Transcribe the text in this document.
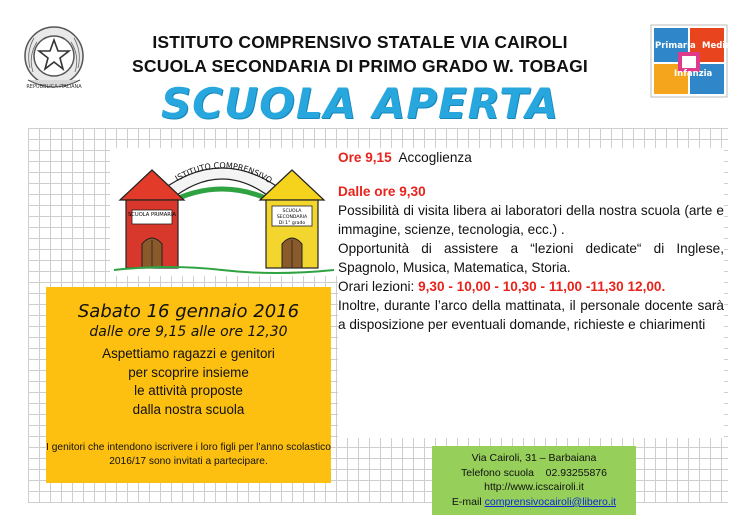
REPUBBLICA ITALIANA
Primaria Media
Infanzia
ISTITUTO COMPRENSIVO STATALE VIA CAIROLI
SCUOLA SECONDARIA DI PRIMO GRADO W. TOBAGI
SCUOLA APERTA
ISTITUTO COMPRENSIVO
SCUOLA PRIMARIA
SCUOLA
SECONDARIA
DI 1° grado

Ore 9,15 Accoglienza

Dalle ore 9,30

Possibilità di visita libera ai laboratori della nostra scuola (arte e immagine, scienze, tecnologia, ecc.) .

Opportunità di assistere a “lezioni dedicate“ di Inglese, Spagnolo, Musica, Matematica, Storia.

Orari lezioni: 9,30 - 10,00 - 10,30 - 11,00 -11,30 12,00.

Inoltre, durante l’arco della mattinata, il personale docente sarà a disposizione per eventuali domande, richieste e chiarimenti

Sabato 16 gennaio 2016
dalle ore 9,15 alle ore 12,30
Aspettiamo ragazzi e genitori
per scoprire insieme
le attività proposte
dalla nostra scuola
I genitori che intendono iscrivere i loro figli per l’anno scolastico 2016/17 sono invitati a partecipare.	Via Cairoli, 31 – Barbaiana
Telefono scuola    02.93255876
http://www.icscairoli.it
E-mail comprensivocairoli@libero.it
